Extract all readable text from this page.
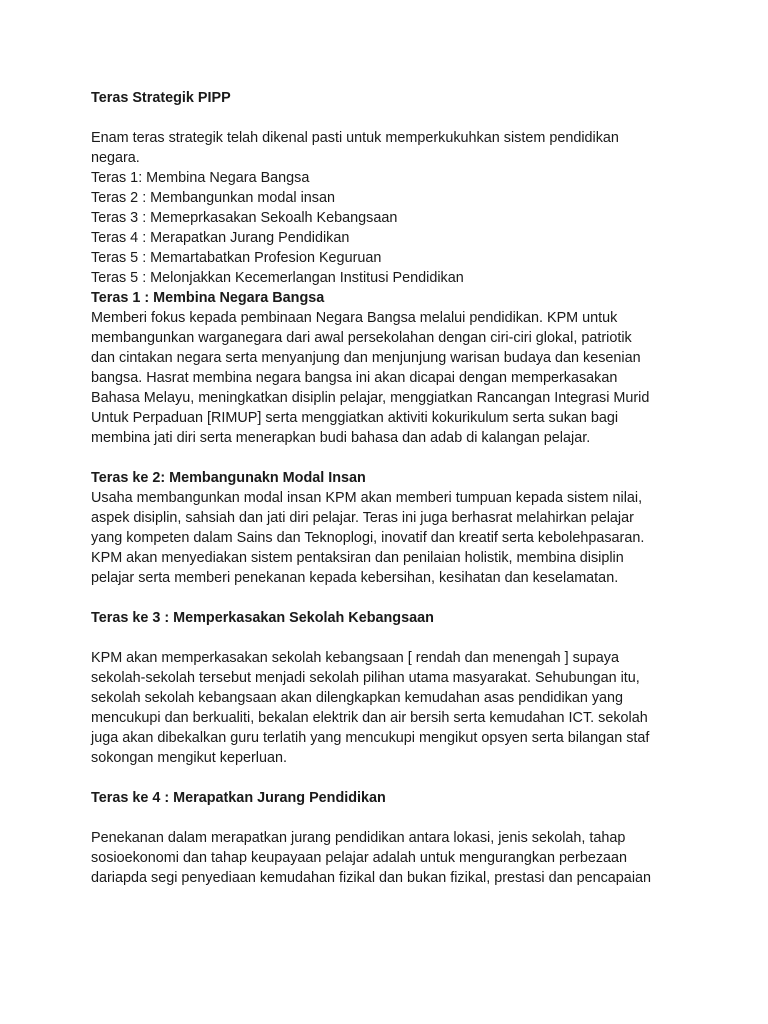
Teras Strategik PIPP
Enam teras strategik telah dikenal pasti untuk memperkukuhkan sistem pendidikan
negara.
Teras 1: Membina Negara Bangsa
Teras 2 : Membangunkan modal insan
Teras 3 : Memeprkasakan Sekoalh Kebangsaan
Teras 4 : Merapatkan Jurang Pendidikan
Teras 5 : Memartabatkan Profesion Keguruan
Teras 5 : Melonjakkan Kecemerlangan Institusi Pendidikan
Teras 1 : Membina Negara Bangsa
Memberi fokus kepada pembinaan Negara Bangsa melalui pendidikan. KPM untuk
membangunkan warganegara dari awal persekolahan dengan ciri-ciri glokal, patriotik
dan cintakan negara serta menyanjung dan menjunjung warisan budaya dan kesenian
bangsa. Hasrat membina negara bangsa ini akan dicapai dengan memperkasakan
Bahasa Melayu, meningkatkan disiplin pelajar, menggiatkan Rancangan Integrasi Murid
Untuk Perpaduan [RIMUP] serta menggiatkan aktiviti kokurikulum serta sukan bagi
membina jati diri serta menerapkan budi bahasa dan adab di kalangan pelajar.
Teras ke 2: Membangunakn Modal Insan
Usaha membangunkan modal insan KPM akan memberi tumpuan kepada sistem nilai,
aspek disiplin, sahsiah dan jati diri pelajar. Teras ini juga berhasrat melahirkan pelajar
yang kompeten dalam Sains dan Teknoplogi, inovatif dan kreatif serta kebolehpasaran.
KPM akan menyediakan sistem pentaksiran dan penilaian holistik, membina disiplin
pelajar serta memberi penekanan kepada kebersihan, kesihatan dan keselamatan.
Teras ke 3 : Memperkasakan Sekolah Kebangsaan
KPM akan memperkasakan sekolah kebangsaan [ rendah dan menengah ] supaya
sekolah-sekolah tersebut menjadi sekolah pilihan utama masyarakat. Sehubungan itu,
sekolah sekolah kebangsaan akan dilengkapkan kemudahan asas pendidikan yang
mencukupi dan berkualiti, bekalan elektrik dan air bersih serta kemudahan ICT. sekolah
juga akan dibekalkan guru terlatih yang mencukupi mengikut opsyen serta bilangan staf
sokongan mengikut keperluan.
Teras ke 4 : Merapatkan Jurang Pendidikan
Penekanan dalam merapatkan jurang pendidikan antara lokasi, jenis sekolah, tahap
sosioekonomi dan tahap keupayaan pelajar adalah untuk mengurangkan perbezaan
dariapda segi penyediaan kemudahan fizikal dan bukan fizikal, prestasi dan pencapaian
